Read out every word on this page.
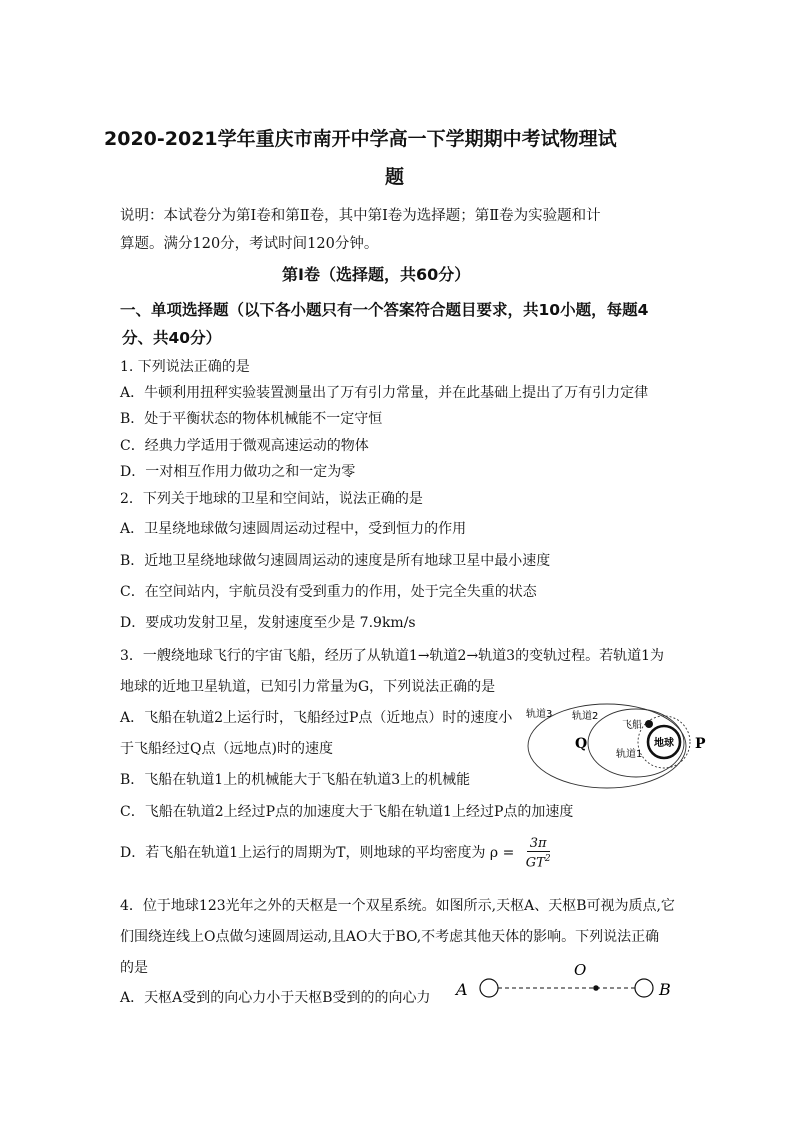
2020-2021学年重庆市南开中学高一下学期期中考试物理试
题
说明：本试卷分为第Ⅰ卷和第Ⅱ卷，其中第Ⅰ卷为选择题；第Ⅱ卷为实验题和计
算题。满分120分，考试时间120分钟。
第Ⅰ卷（选择题，共60分）
一、单项选择题（以下各小题只有一个答案符合题目要求，共10小题，每题4
分、共40分）
1. 下列说法正确的是
A．牛顿利用扭秤实验装置测量出了万有引力常量，并在此基础上提出了万有引力定律
B．处于平衡状态的物体机械能不一定守恒
C．经典力学适用于微观高速运动的物体
D．一对相互作用力做功之和一定为零
2．下列关于地球的卫星和空间站，说法正确的是
A．卫星绕地球做匀速圆周运动过程中，受到恒力的作用
B．近地卫星绕地球做匀速圆周运动的速度是所有地球卫星中最小速度
C．在空间站内，宇航员没有受到重力的作用，处于完全失重的状态
D．要成功发射卫星，发射速度至少是 7.9km/s
3．一艘绕地球飞行的宇宙飞船，经历了从轨道1→轨道2→轨道3的变轨过程。若轨道1为
地球的近地卫星轨道，已知引力常量为G，下列说法正确的是
A．飞船在轨道2上运行时，飞船经过P点（近地点）时的速度小
于飞船经过Q点（远地点)时的速度
B．飞船在轨道1上的机械能大于飞船在轨道3上的机械能
C．飞船在轨道2上经过P点的加速度大于飞船在轨道1上经过P点的加速度
D．若飞船在轨道1上运行的周期为T，则地球的平均密度为 $\rho = \frac{3\pi}{GT^2}$
轨道3 轨道2
飞船
轨道1
地球
Q	P
4．位于地球123光年之外的天枢是一个双星系统。如图所示,天枢A、天枢B可视为质点,它
们围绕连线上O点做匀速圆周运动,且AO大于BO,不考虑其他天体的影响。下列说法正确
的是
A．天枢A受到的向心力小于天枢B受到的的向心力 A
O
B
